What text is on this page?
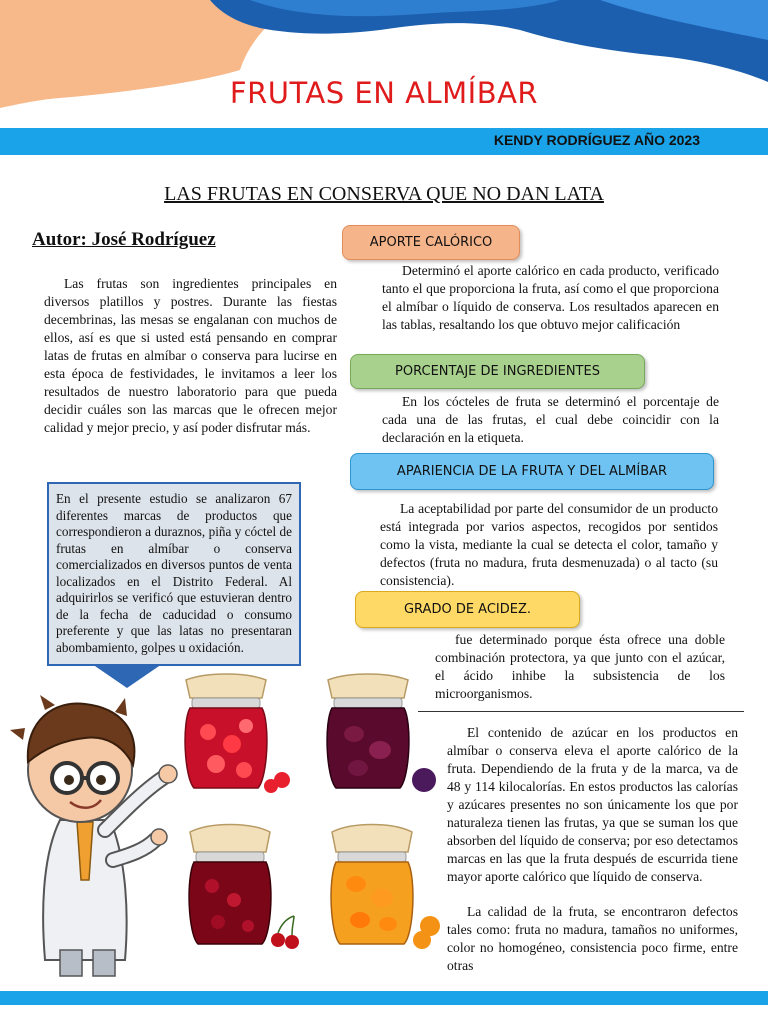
FRUTAS EN ALMÍBAR
KENDY RODRÍGUEZ AÑO 2023
LAS FRUTAS EN CONSERVA QUE NO DAN LATA
Autor: José Rodríguez
Las frutas son ingredientes principales en diversos platillos y postres. Durante las fiestas decembrinas, las mesas se engalanan con muchos de ellos, así es que si usted está pensando en comprar latas de frutas en almíbar o conserva para lucirse en esta época de festividades, le invitamos a leer los resultados de nuestro laboratorio para que pueda decidir cuáles son las marcas que le ofrecen mejor calidad y mejor precio, y así poder disfrutar más.
En el presente estudio se analizaron 67 diferentes marcas de productos que correspondieron a duraznos, piña y cóctel de frutas en almíbar o conserva comercializados en diversos puntos de venta localizados en el Distrito Federal. Al adquirirlos se verificó que estuvieran dentro de la fecha de caducidad o consumo preferente y que las latas no presentaran abombamiento, golpes u oxidación.
APORTE CALÓRICO
Determinó el aporte calórico en cada producto, verificado tanto el que proporciona la fruta, así como el que proporciona el almíbar o líquido de conserva. Los resultados aparecen en las tablas, resaltando los que obtuvo mejor calificación
PORCENTAJE DE INGREDIENTES
En los cócteles de fruta se determinó el porcentaje de cada una de las frutas, el cual debe coincidir con la declaración en la etiqueta.
APARIENCIA DE LA FRUTA Y DEL ALMÍBAR
La aceptabilidad por parte del consumidor de un producto está integrada por varios aspectos, recogidos por sentidos como la vista, mediante la cual se detecta el color, tamaño y defectos (fruta no madura, fruta desmenuzada) o al tacto (su consistencia).
GRADO DE ACIDEZ.
fue determinado porque ésta ofrece una doble combinación protectora, ya que junto con el azúcar, el ácido inhibe la subsistencia de los microorganismos.
El contenido de azúcar en los productos en almíbar o conserva eleva el aporte calórico de la fruta. Dependiendo de la fruta y de la marca, va de 48 y 114 kilocalorías. En estos productos las calorías y azúcares presentes no son únicamente los que por naturaleza tienen las frutas, ya que se suman los que absorben del líquido de conserva; por eso detectamos marcas en las que la fruta después de escurrida tiene mayor aporte calórico que líquido de conserva.
La calidad de la fruta, se encontraron defectos tales como: fruta no madura, tamaños no uniformes, color no homogéneo, consistencia poco firme, entre otras
